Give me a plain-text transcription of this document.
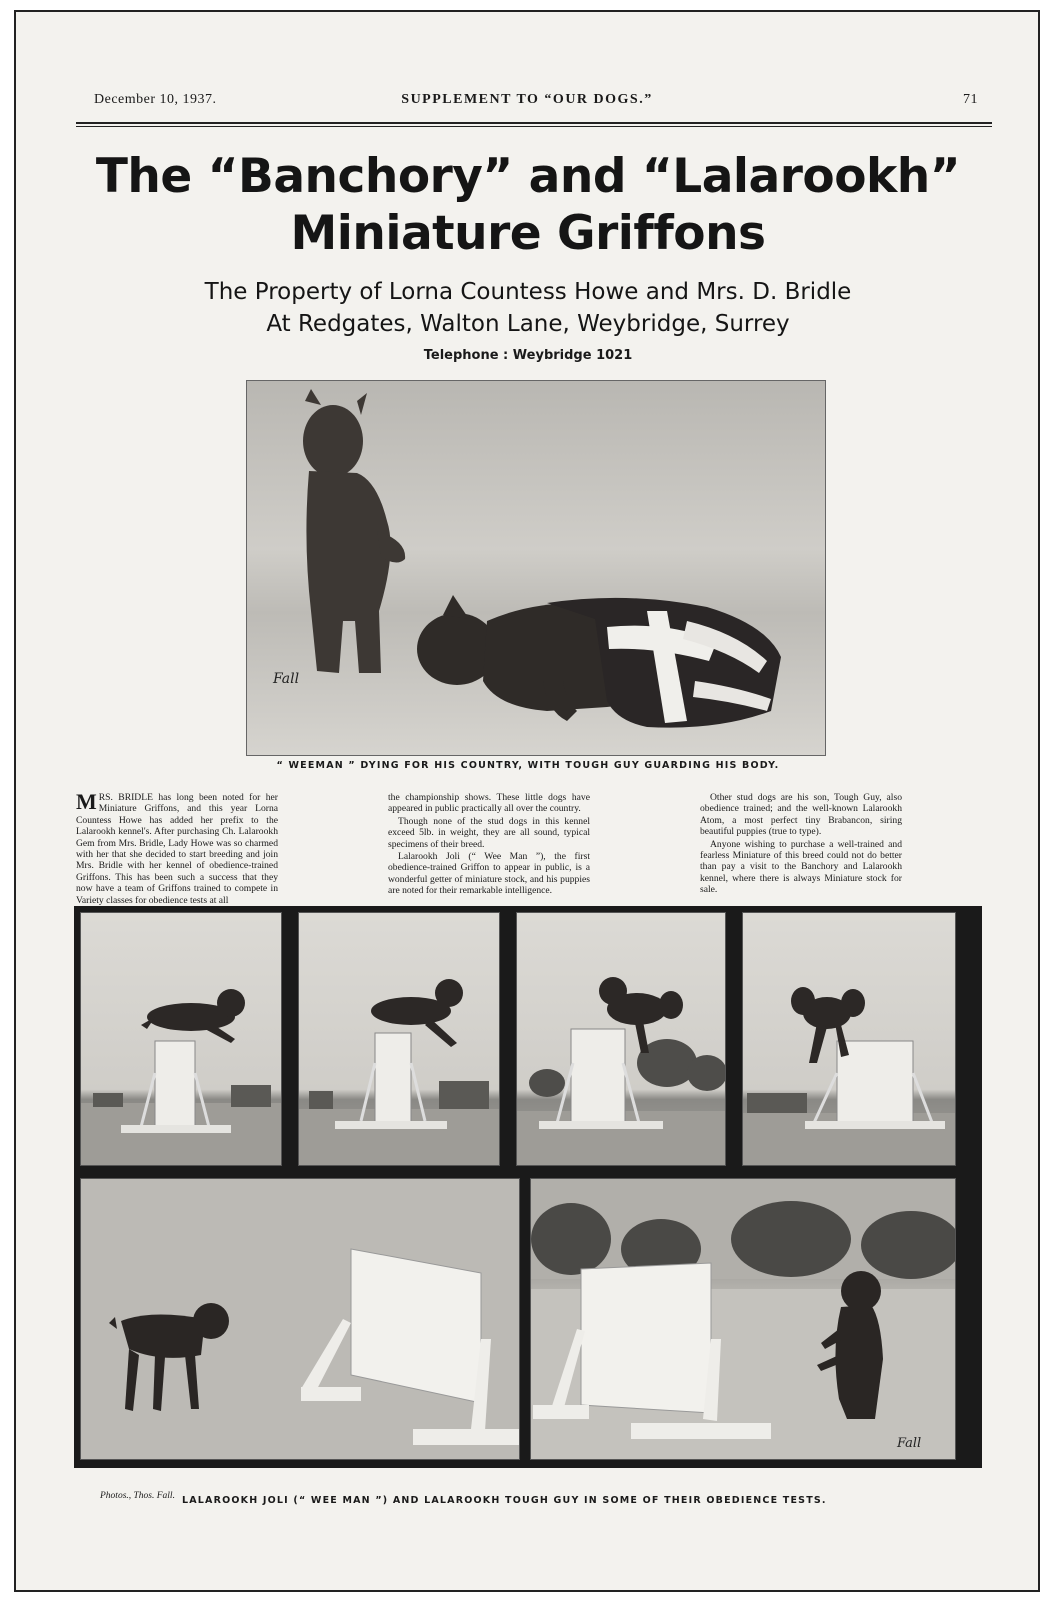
December 10, 1937.	SUPPLEMENT TO “OUR DOGS.”	71
The “Banchory” and “Lalarookh”
Miniature Griffons
The Property of Lorna Countess Howe and Mrs. D. Bridle
At Redgates, Walton Lane, Weybridge, Surrey
Telephone : Weybridge 1021
Fall
“ WEEMAN ” DYING FOR HIS COUNTRY, WITH TOUGH GUY GUARDING HIS BODY.

MRS. BRIDLE has long been noted for her Miniature Griffons, and this year Lorna Countess Howe has added her prefix to the Lalarookh kennel's. After purchasing Ch. Lalarookh Gem from Mrs. Bridle, Lady Howe was so charmed with her that she decided to start breeding and join Mrs. Bridle with her kennel of obedience-trained Griffons. This has been such a success that they now have a team of Griffons trained to compete in Variety classes for obedience tests at all

the championship shows. These little dogs have appeared in public practically all over the country.

Though none of the stud dogs in this kennel exceed 5lb. in weight, they are all sound, typical specimens of their breed.

Lalarookh Joli (“ Wee Man ”), the first obedience-trained Griffon to appear in public, is a wonderful getter of miniature stock, and his puppies are noted for their remarkable intelligence.

Other stud dogs are his son, Tough Guy, also obedience trained; and the well-known Lalarookh Atom, a most perfect tiny Brabancon, siring beautiful puppies (true to type).

Anyone wishing to purchase a well-trained and fearless Miniature of this breed could not do better than pay a visit to the Banchory and Lalarookh kennel, where there is always Miniature stock for sale.

Fall
Photos., Thos. Fall. LALAROOKH JOLI (“ WEE MAN ”) AND LALAROOKH TOUGH GUY IN SOME OF THEIR OBEDIENCE TESTS.
